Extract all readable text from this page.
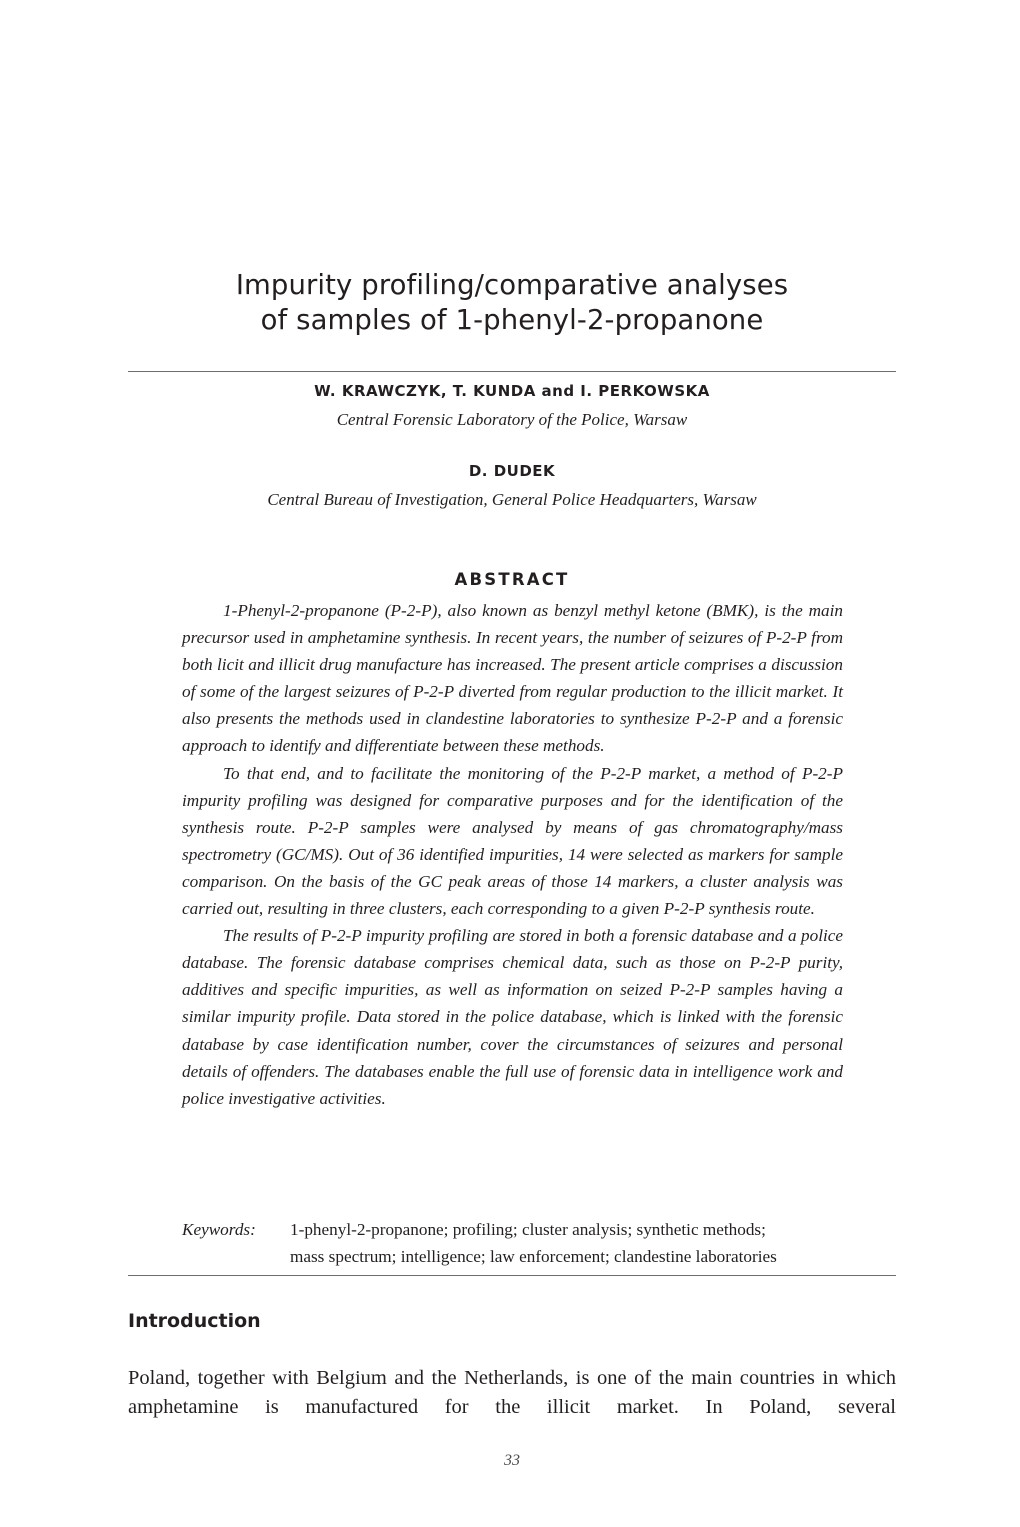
Impurity profiling/comparative analyses
of samples of 1-phenyl-2-propanone
W. KRAWCZYK, T. KUNDA and I. PERKOWSKA
Central Forensic Laboratory of the Police, Warsaw
D. DUDEK
Central Bureau of Investigation, General Police Headquarters, Warsaw
ABSTRACT

1-Phenyl-2-propanone (P-2-P), also known as benzyl methyl ketone (BMK), is the main precursor used in amphetamine synthesis. In recent years, the number of seizures of P-2-P from both licit and illicit drug manufacture has increased. The present article comprises a discussion of some of the largest seizures of P-2-P diverted from regular production to the illicit market. It also presents the methods used in clandestine laboratories to synthesize P-2-P and a forensic approach to identify and differentiate between these methods.

To that end, and to facilitate the monitoring of the P-2-P market, a method of P-2-P impurity profiling was designed for comparative purposes and for the identification of the synthesis route. P-2-P samples were analysed by means of gas chromatography/mass spectrometry (GC/MS). Out of 36 identified impurities, 14 were selected as markers for sample comparison. On the basis of the GC peak areas of those 14 markers, a cluster analysis was carried out, resulting in three clusters, each corresponding to a given P-2-P synthesis route.

The results of P-2-P impurity profiling are stored in both a forensic database and a police database. The forensic database comprises chemical data, such as those on P-2-P purity, additives and specific impurities, as well as information on seized P-2-P samples having a similar impurity profile. Data stored in the police database, which is linked with the forensic database by case identification number, cover the circumstances of seizures and personal details of offenders. The databases enable the full use of forensic data in intelligence work and police investigative activities.

Keywords: 1-phenyl-2-propanone; profiling; cluster analysis; synthetic methods;
mass spectrum; intelligence; law enforcement; clandestine laboratories
Introduction
Poland, together with Belgium and the Netherlands, is one of the main countries in which amphetamine is manufactured for the illicit market. In Poland, several
33
